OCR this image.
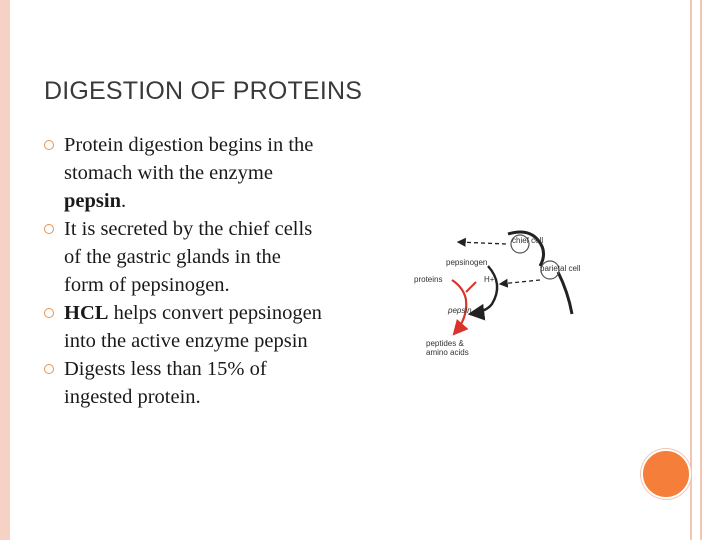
DIGESTION OF PROTEINS
Protein digestion begins in the stomach with the enzyme pepsin.
It is secreted by the chief cells of the gastric glands in the form of pepsinogen.
HCL helps convert pepsinogen into the active enzyme pepsin
Digests less than 15% of ingested protein.
chief cell
pepsinogen
parietal cell
proteins	H+
pepsin
peptides &
amino acids
